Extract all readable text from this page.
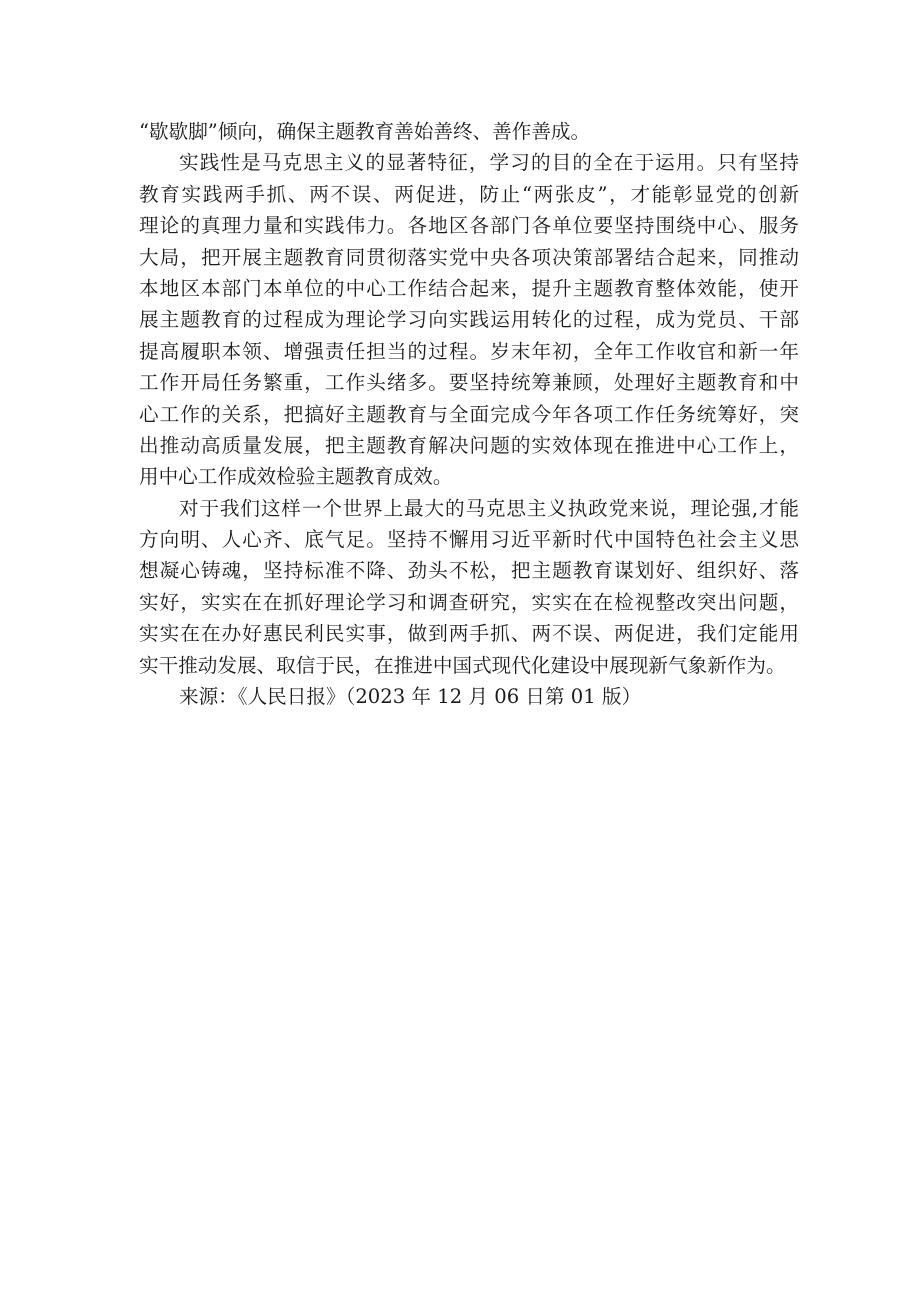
“歇歇脚”倾向，确保主题教育善始善终、善作善成。
实践性是马克思主义的显著特征，学习的目的全在于运用。只有坚持
教育实践两手抓、两不误、两促进，防止“两张皮”，才能彰显党的创新
理论的真理力量和实践伟力。各地区各部门各单位要坚持围绕中心、服务
大局，把开展主题教育同贯彻落实党中央各项决策部署结合起来，同推动
本地区本部门本单位的中心工作结合起来，提升主题教育整体效能，使开
展主题教育的过程成为理论学习向实践运用转化的过程，成为党员、干部
提高履职本领、增强责任担当的过程。岁末年初，全年工作收官和新一年
工作开局任务繁重，工作头绪多。要坚持统筹兼顾，处理好主题教育和中
心工作的关系，把搞好主题教育与全面完成今年各项工作任务统筹好，突
出推动高质量发展，把主题教育解决问题的实效体现在推进中心工作上，
用中心工作成效检验主题教育成效。
对于我们这样一个世界上最大的马克思主义执政党来说，理论强,才能
方向明、人心齐、底气足。坚持不懈用习近平新时代中国特色社会主义思
想凝心铸魂，坚持标准不降、劲头不松，把主题教育谋划好、组织好、落
实好，实实在在抓好理论学习和调查研究，实实在在检视整改突出问题，
实实在在办好惠民利民实事，做到两手抓、两不误、两促进，我们定能用
实干推动发展、取信于民，在推进中国式现代化建设中展现新气象新作为。
来源：《人民日报》（2023 年 12 月 06 日第 01 版）
